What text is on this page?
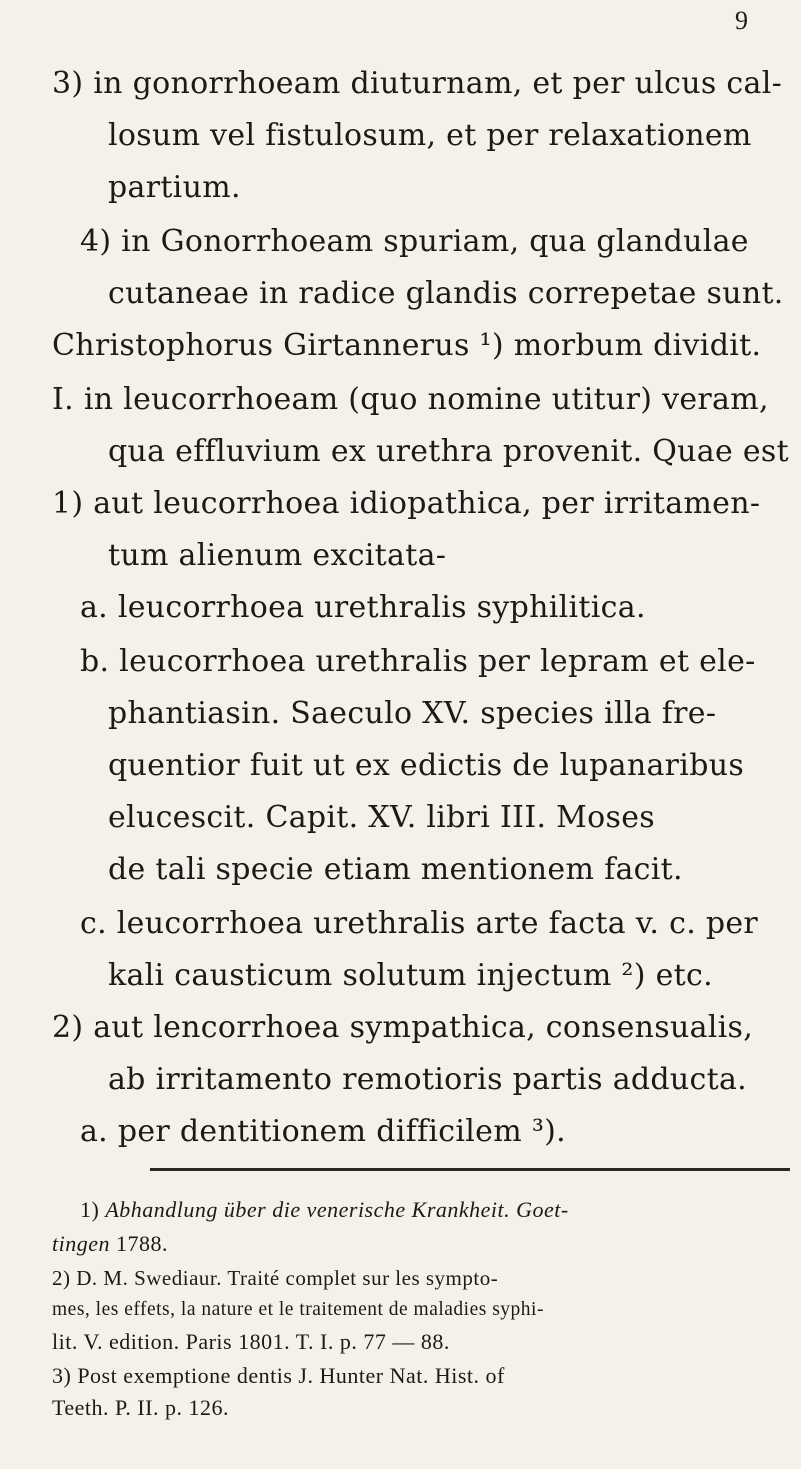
9
3) in gonorrhoeam diuturnam, et per ulcus cal-
losum vel fistulosum, et per relaxationem
partium.
4) in Gonorrhoeam spuriam, qua glandulae
cutaneae in radice glandis correpetae sunt.
Christophorus Girtannerus ¹) morbum dividit.
I. in leucorrhoeam (quo nomine utitur) veram,
qua effluvium ex urethra provenit. Quae est
1) aut leucorrhoea idiopathica, per irritamen-
tum alienum excitata-
a. leucorrhoea urethralis syphilitica.
b. leucorrhoea urethralis per lepram et ele-
phantiasin. Saeculo XV. species illa fre-
quentior fuit ut ex edictis de lupanaribus
elucescit. Capit. XV. libri III. Moses
de tali specie etiam mentionem facit.
c. leucorrhoea urethralis arte facta v. c. per
kali causticum solutum injectum ²) etc.
2) aut lencorrhoea sympathica, consensualis,
ab irritamento remotioris partis adducta.
a. per dentitionem difficilem ³).
1) Abhandlung über die venerische Krankheit. Goet-
tingen 1788.
2) D. M. Swediaur. Traité complet sur les sympto-
mes, les effets, la nature et le traitement de maladies syphi-
lit. V. edition. Paris 1801. T. I. p. 77 — 88.
3) Post exemptione dentis J. Hunter Nat. Hist. of
Teeth. P. II. p. 126.
